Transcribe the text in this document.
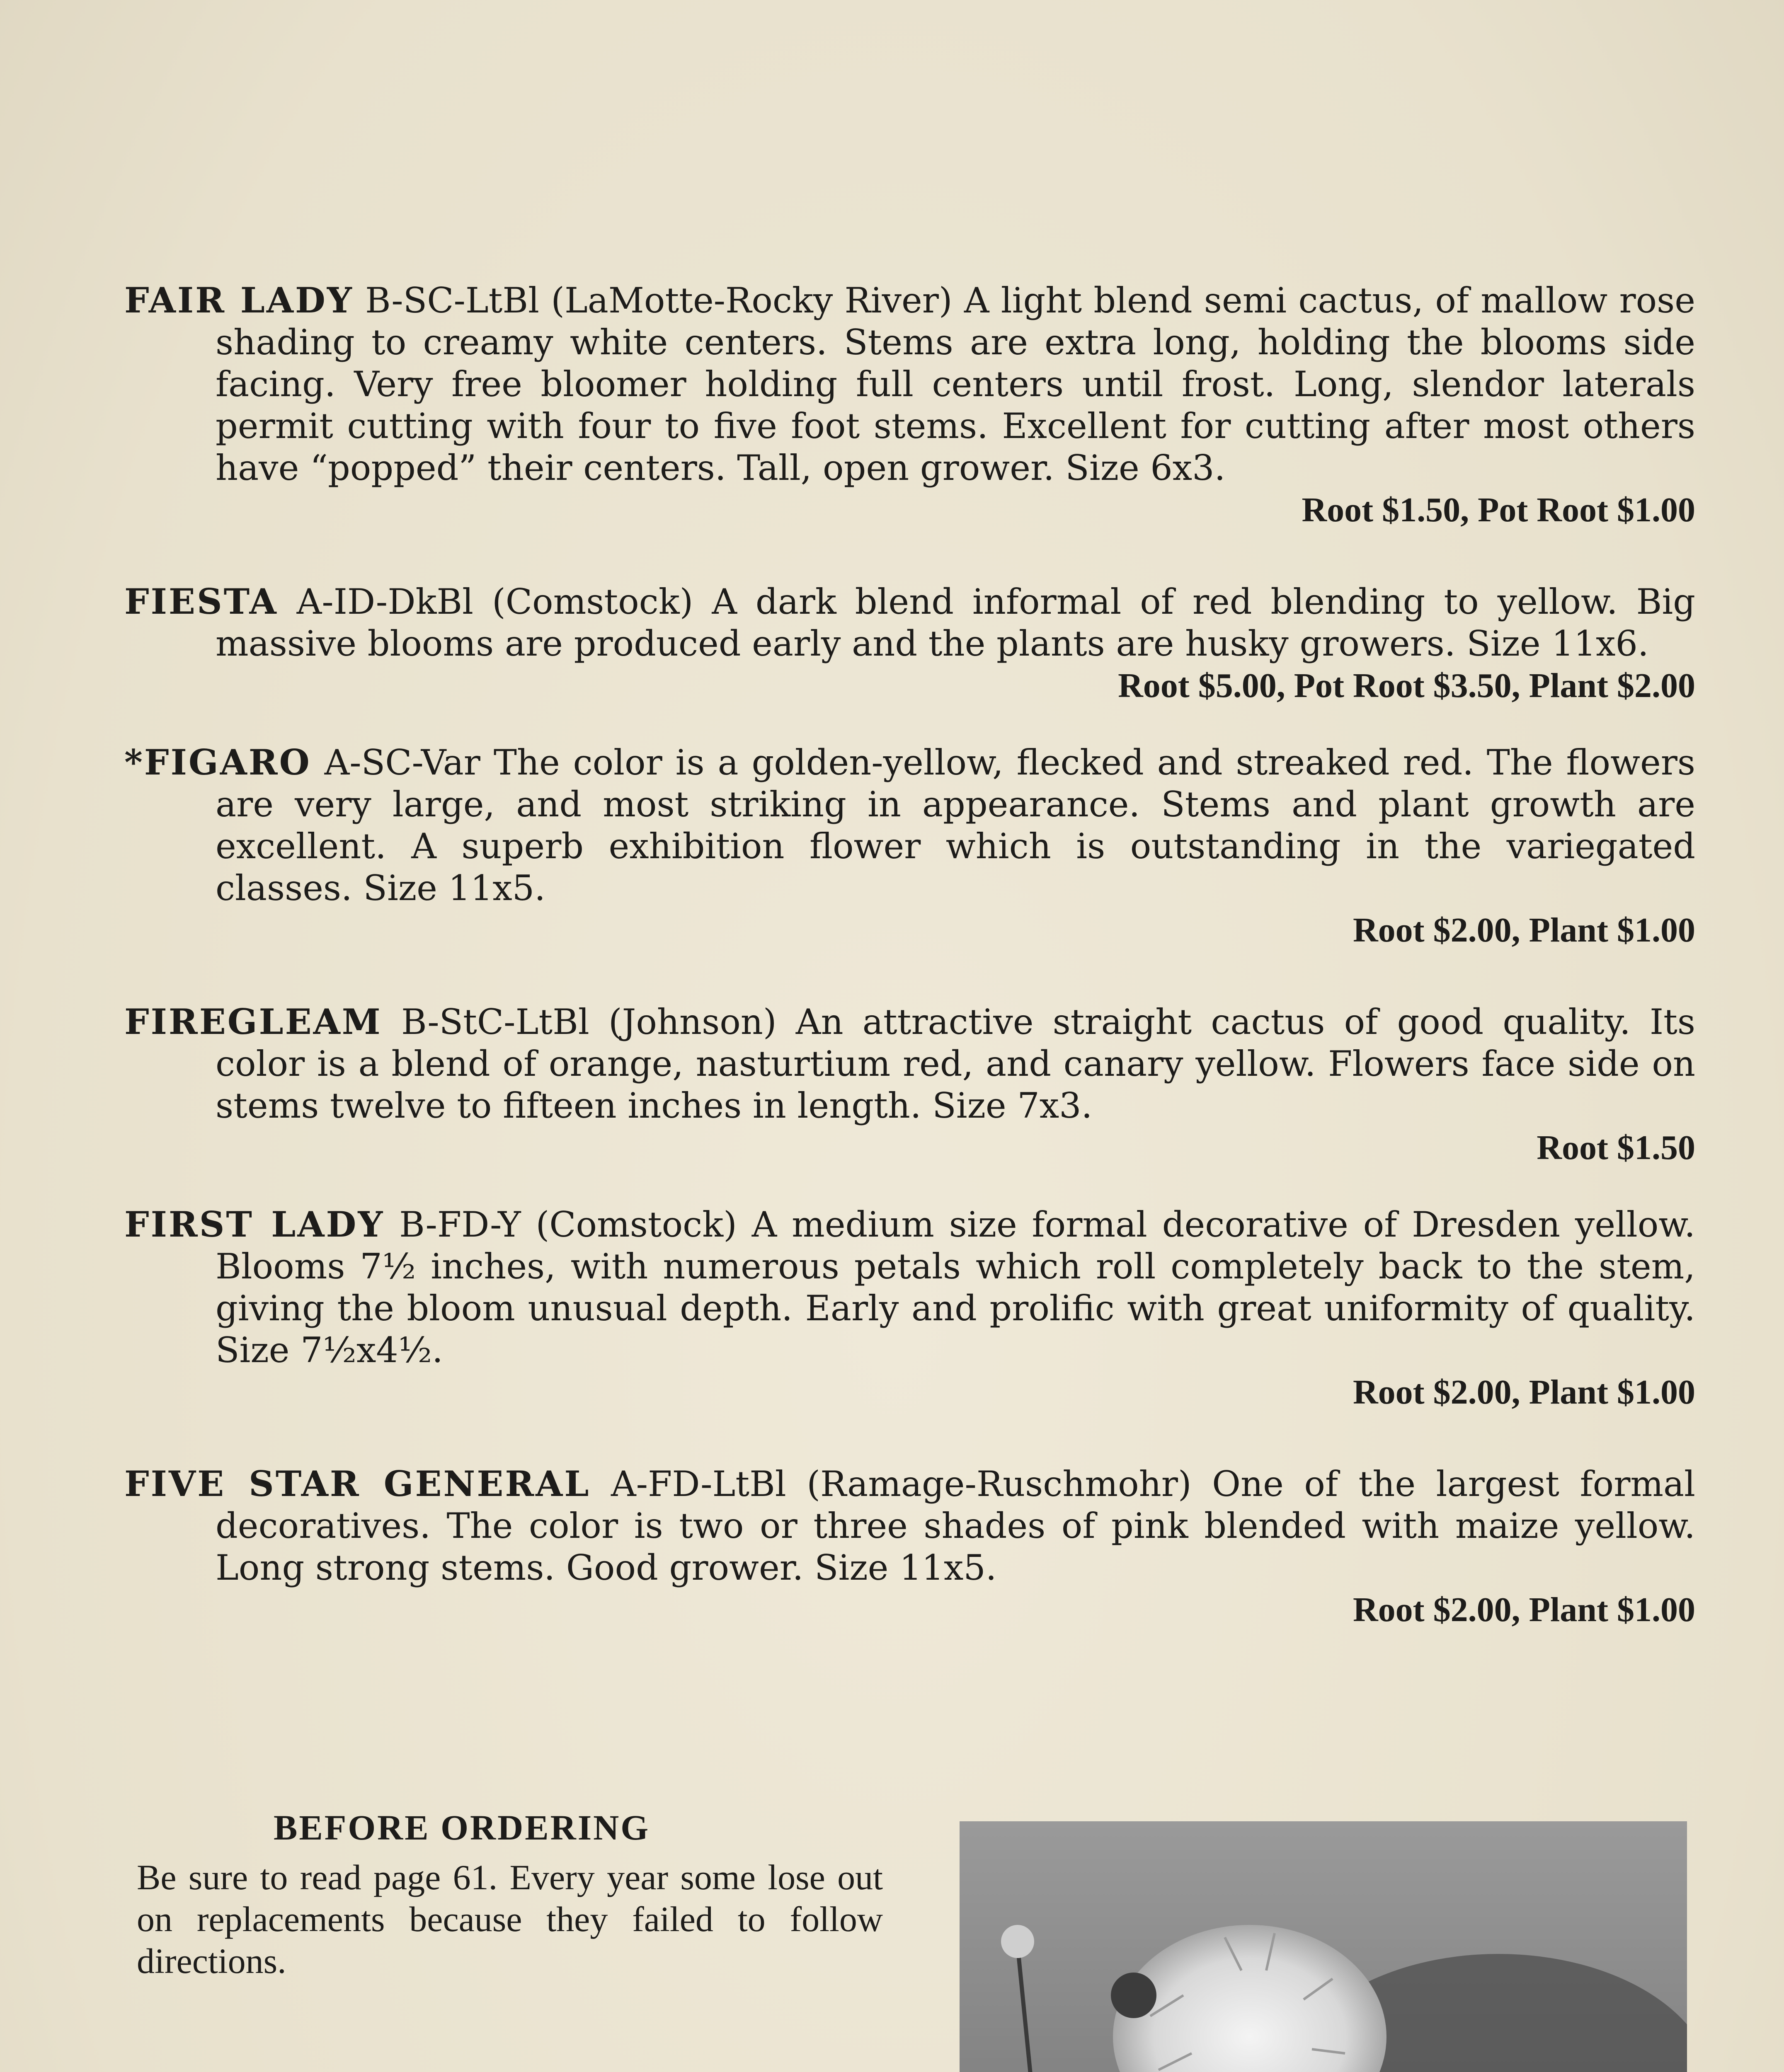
FAIR LADY B-SC-LtBl (LaMotte-Rocky River) A light blend semi cactus, of mallow rose shading to creamy white centers. Stems are extra long, holding the blooms side facing. Very free bloomer holding full centers until frost. Long, slendor laterals permit cutting with four to five foot stems. Excellent for cutting after most others have “popped” their centers. Tall, open grower. Size 6x3.
Root $1.50, Pot Root $1.00

FIESTA A-ID-DkBl (Comstock) A dark blend informal of red blending to yellow. Big massive blooms are produced early and the plants are husky growers. Size 11x6.
Root $5.00, Pot Root $3.50, Plant $2.00

*FIGARO A-SC-Var The color is a golden-yellow, flecked and streaked red. The flowers are very large, and most striking in appearance. Stems and plant growth are excellent. A superb exhibition flower which is outstanding in the variegated classes. Size 11x5.
Root $2.00, Plant $1.00

FIREGLEAM B-StC-LtBl (Johnson) An attractive straight cactus of good quality. Its color is a blend of orange, nasturtium red, and canary yellow. Flowers face side on stems twelve to fifteen inches in length. Size 7x3.
Root $1.50

FIRST LADY B-FD-Y (Comstock) A medium size formal decorative of Dresden yellow. Blooms 7½ inches, with numerous petals which roll completely back to the stem, giving the bloom unusual depth. Early and prolific with great uniformity of quality. Size 7½x4½.
Root $2.00, Plant $1.00

FIVE STAR GENERAL A-FD-LtBl (Ramage-Ruschmohr) One of the largest formal decoratives. The color is two or three shades of pink blended with maize yellow. Long strong stems. Good grower. Size 11x5.
Root $2.00, Plant $1.00

BEFORE ORDERING
Be sure to read page 61. Every year some lose out on replacements because they failed to follow directions.
